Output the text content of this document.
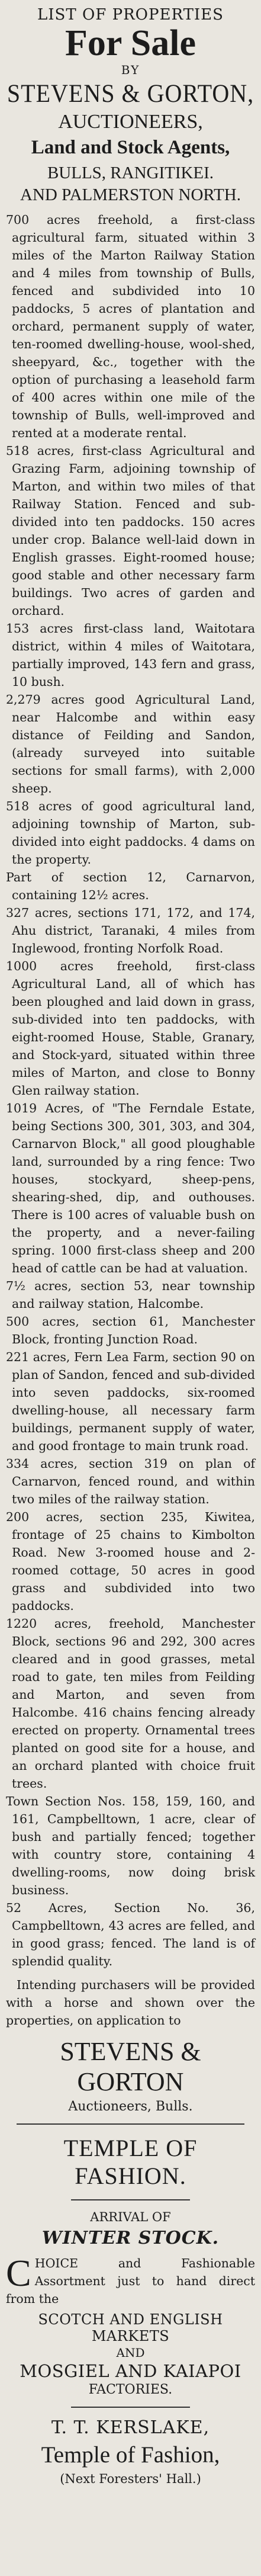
LIST OF PROPERTIES
For Sale
BY
STEVENS & GORTON,
AUCTIONEERS,
Land and Stock Agents,
BULLS, RANGITIKEI.
AND PALMERSTON NORTH.

700 acres freehold, a first-class agricultural farm, situated within 3 miles of the Marton Railway Station and 4 miles from township of Bulls, fenced and subdivided into 10 paddocks, 5 acres of plantation and orchard, permanent supply of water, ten-roomed dwelling-house, wool-shed, sheepyard, &c., together with the option of purchasing a leasehold farm of 400 acres within one mile of the township of Bulls, well-improved and rented at a moderate rental.

518 acres, first-class Agricultural and Grazing Farm, adjoining township of Marton, and within two miles of that Railway Station. Fenced and sub-divided into ten paddocks. 150 acres under crop. Balance well-laid down in English grasses. Eight-roomed house; good stable and other necessary farm buildings. Two acres of garden and orchard.

153 acres first-class land, Waitotara district, within 4 miles of Waitotara, partially improved, 143 fern and grass, 10 bush.

2,279 acres good Agricultural Land, near Halcombe and within easy distance of Feilding and Sandon, (already surveyed into suitable sections for small farms), with 2,000 sheep.

518 acres of good agricultural land, adjoining township of Marton, sub-divided into eight paddocks. 4 dams on the property.

Part of section 12, Carnarvon, containing 12½ acres.

327 acres, sections 171, 172, and 174, Ahu district, Taranaki, 4 miles from Inglewood, fronting Norfolk Road.

1000 acres freehold, first-class Agricultural Land, all of which has been ploughed and laid down in grass, sub-divided into ten paddocks, with eight-roomed House, Stable, Granary, and Stock-yard, situated within three miles of Marton, and close to Bonny Glen railway station.

1019 Acres, of "The Ferndale Estate, being Sections 300, 301, 303, and 304, Carnarvon Block," all good ploughable land, surrounded by a ring fence: Two houses, stockyard, sheep-pens, shearing-shed, dip, and outhouses. There is 100 acres of valuable bush on the property, and a never-failing spring. 1000 first-class sheep and 200 head of cattle can be had at valuation.

7½ acres, section 53, near township and railway station, Halcombe.

500 acres, section 61, Manchester Block, fronting Junction Road.

221 acres, Fern Lea Farm, section 90 on plan of Sandon, fenced and sub-divided into seven paddocks, six-roomed dwelling-house, all necessary farm buildings, permanent supply of water, and good frontage to main trunk road.

334 acres, section 319 on plan of Carnarvon, fenced round, and within two miles of the railway station.

200 acres, section 235, Kiwitea, frontage of 25 chains to Kimbolton Road. New 3-roomed house and 2-roomed cottage, 50 acres in good grass and subdivided into two paddocks.

1220 acres, freehold, Manchester Block, sections 96 and 292, 300 acres cleared and in good grasses, metal road to gate, ten miles from Feilding and Marton, and seven from Halcombe. 416 chains fencing already erected on property. Ornamental trees planted on good site for a house, and an orchard planted with choice fruit trees.

Town Section Nos. 158, 159, 160, and 161, Campbelltown, 1 acre, clear of bush and partially fenced; together with country store, containing 4 dwelling-rooms, now doing brisk business.

52 Acres, Section No. 36, Campbelltown, 43 acres are felled, and in good grass; fenced. The land is of splendid quality.

Intending purchasers will be provided with a horse and shown over the properties, on application to

STEVENS & GORTON
Auctioneers, Bulls.
TEMPLE OF FASHION.
ARRIVAL OF
WINTER STOCK.

C HOICE and Fashionable Assortment just to hand direct from the

SCOTCH AND ENGLISH MARKETS
AND
MOSGIEL AND KAIAPOI
FACTORIES.
T. T. KERSLAKE,
Temple of Fashion,
(Next Foresters' Hall.)
